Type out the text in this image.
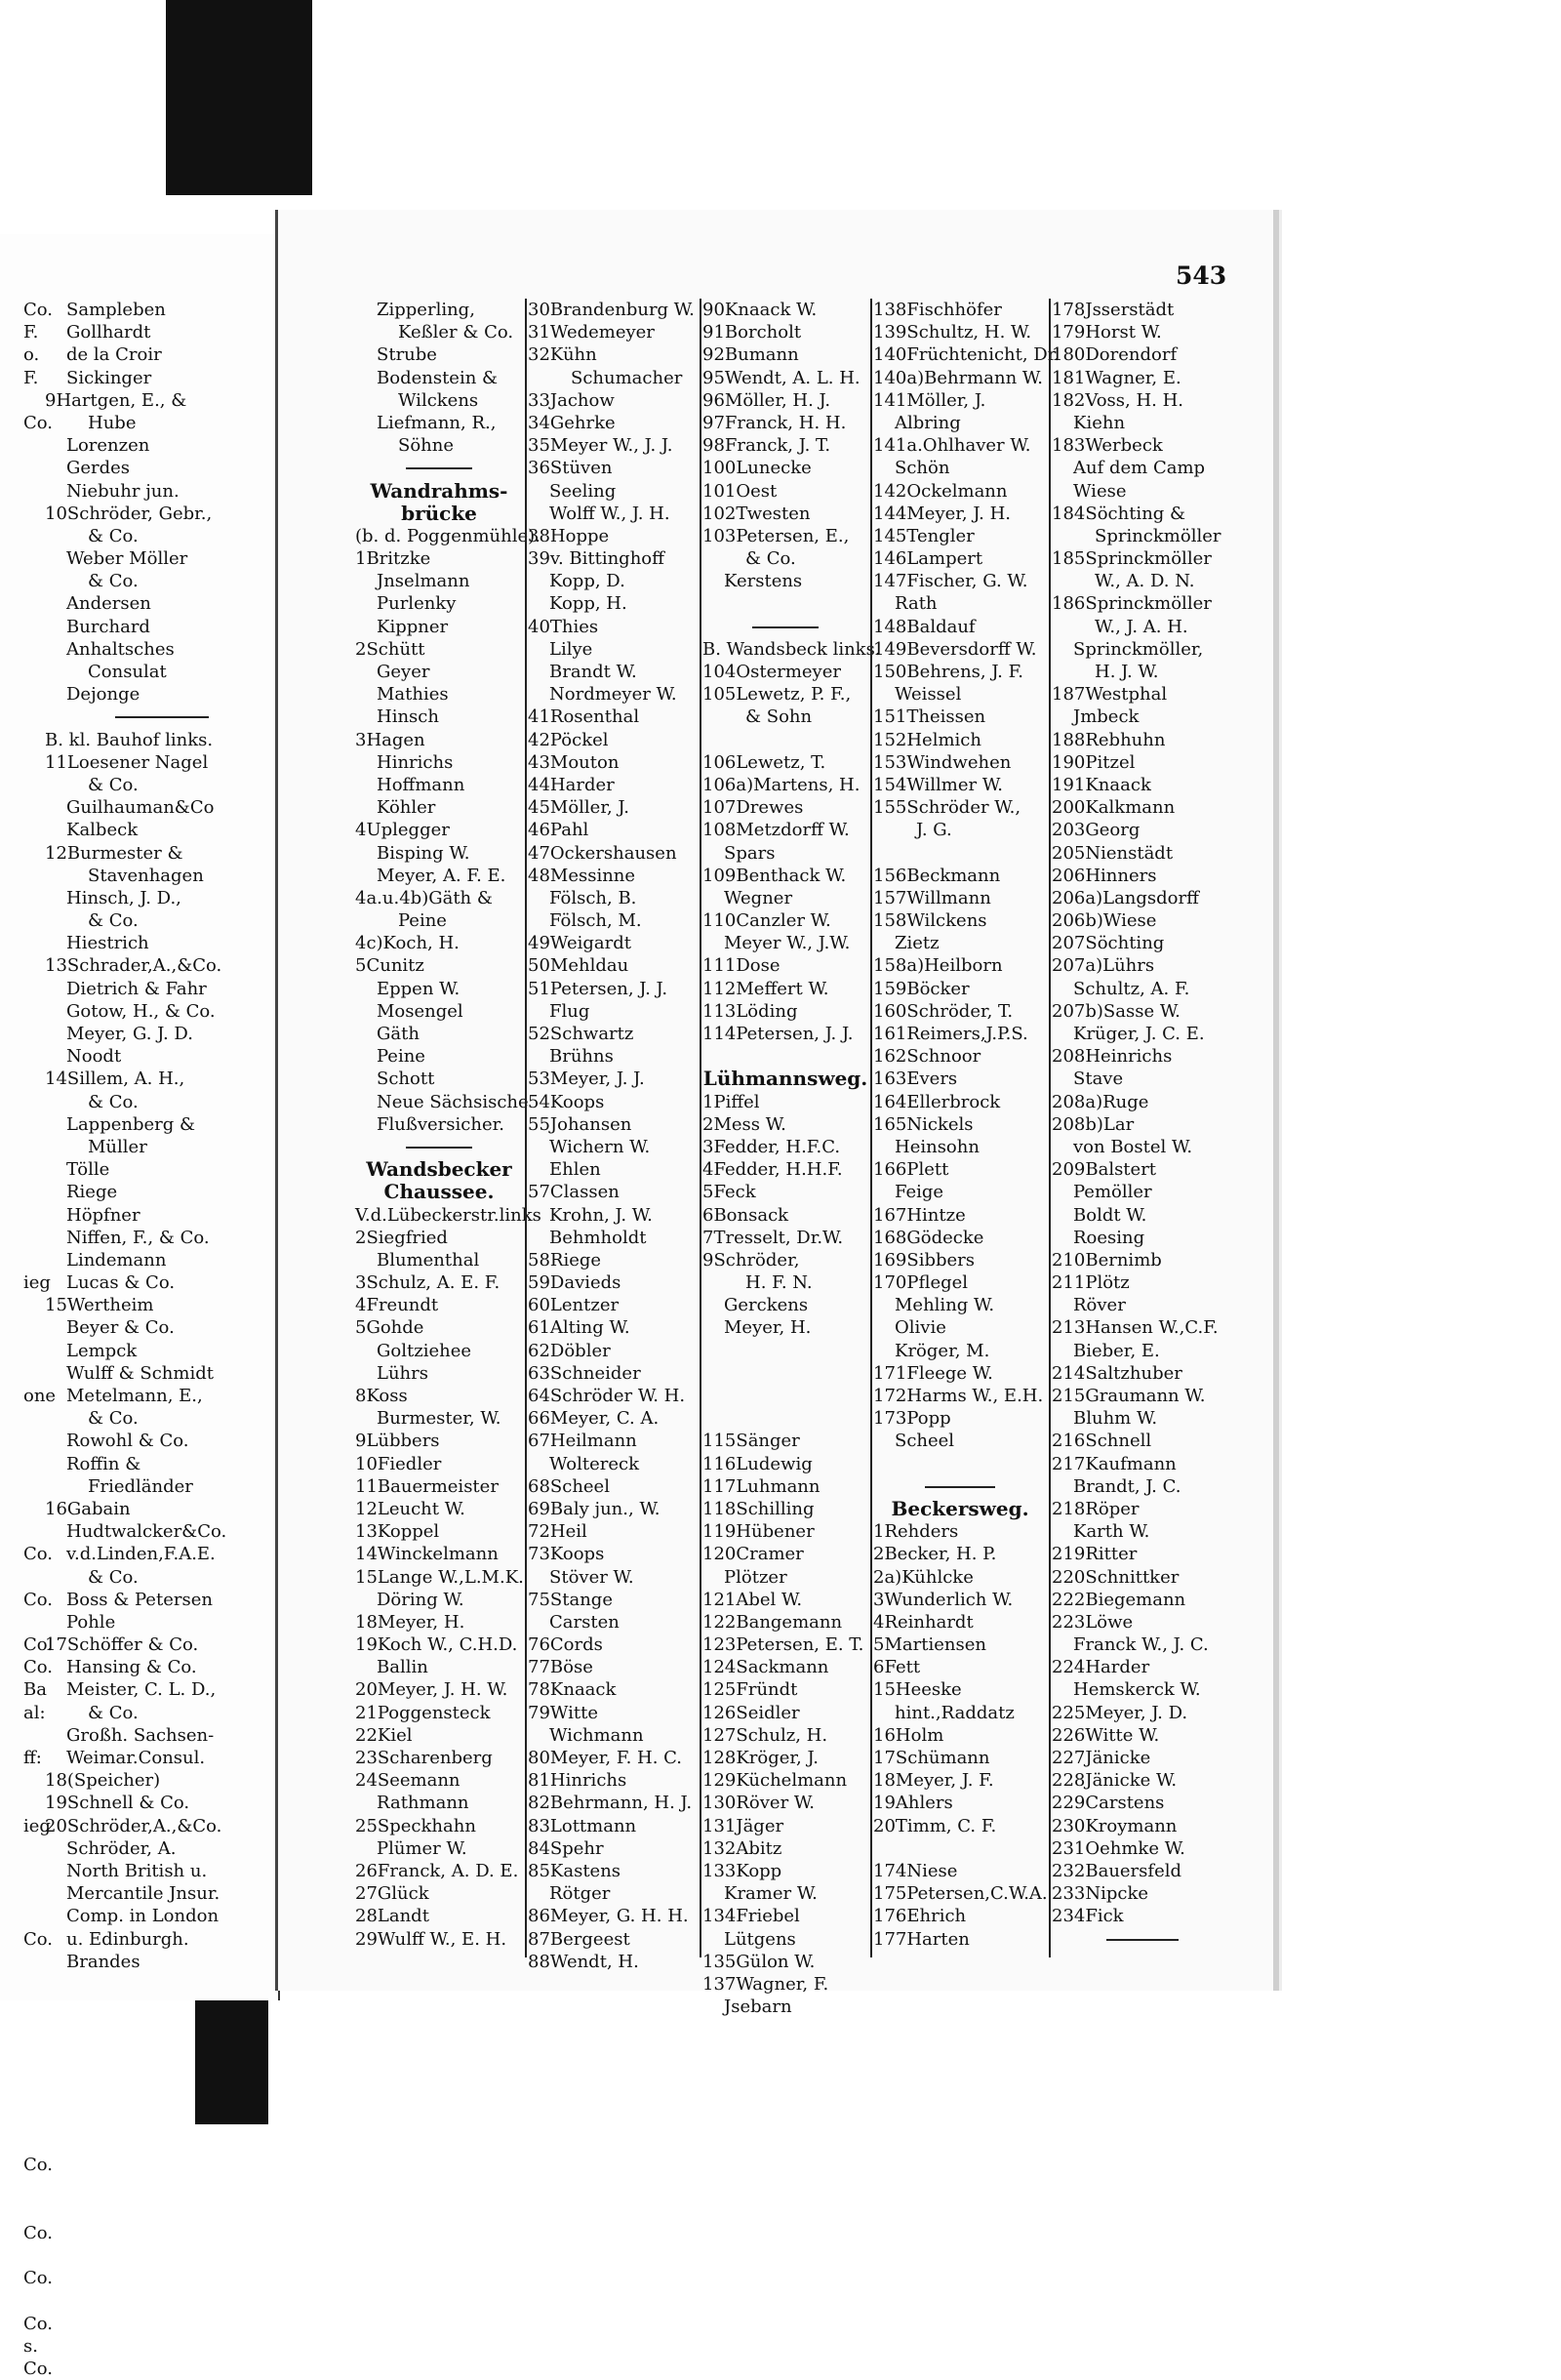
Co.
F.
o.
F.
Co.
ieg
one
Co.
Co.
Co.
Co.
Ba
al:
ff:
ieg
Co.
Co.
Co.
Co.
Co.
s.
Co.
Sampleben
Gollhardt
de la Croir
Sickinger
9Hartgen, E., &
Hube
Lorenzen
Gerdes
Niebuhr jun.
10Schröder, Gebr.,
& Co.
Weber Möller
& Co.
Andersen
Burchard
Anhaltsches
Consulat
Dejonge
B. kl. Bauhof links.
11Loesener Nagel
& Co.
Guilhauman&Co
Kalbeck
12Burmester &
Stavenhagen
Hinsch, J. D.,
& Co.
Hiestrich
13Schrader,A.,&Co.
Dietrich & Fahr
Gotow, H., & Co.
Meyer, G. J. D.
Noodt
14Sillem, A. H.,
& Co.
Lappenberg &
Müller
Tölle
Riege
Höpfner
Niffen, F., & Co.
Lindemann
Lucas & Co.
15Wertheim
Beyer & Co.
Lempck
Wulff & Schmidt
Metelmann, E.,
& Co.
Rowohl & Co.
Roffin &
Friedländer
16Gabain
Hudtwalcker&Co.
v.d.Linden,F.A.E.
& Co.
Boss & Petersen
Pohle
17Schöffer & Co.
Hansing & Co.
Meister, C. L. D.,
& Co.
Großh. Sachsen-
Weimar.Consul.
18(Speicher)
19Schnell & Co.
20Schröder,A.,&Co.
Schröder, A.
North British u.
Mercantile Jnsur.
Comp. in London
u. Edinburgh.
Brandes
543
Zipperling,
Keßler & Co.
Strube
Bodenstein &
Wilckens
Liefmann, R.,
Söhne
Wandrahms-
brücke
(b. d. Poggenmühle).
1Britzke
Jnselmann
Purlenky
Kippner
2Schütt
Geyer
Mathies
Hinsch
3Hagen
Hinrichs
Hoffmann
Köhler
4Uplegger
Bisping W.
Meyer, A. F. E.
4a.u.4b)Gäth &
Peine
4c)Koch, H.
5Cunitz
Eppen W.
Mosengel
Gäth
Peine
Schott
Neue Sächsische
Flußversicher.
Wandsbecker
Chaussee.
V.d.Lübeckerstr.links
2Siegfried
Blumenthal
3Schulz, A. E. F.
4Freundt
5Gohde
Goltziehee
Lührs
8Koss
Burmester, W.
9Lübbers
10Fiedler
11Bauermeister
12Leucht W.
13Koppel
14Winckelmann
15Lange W.,L.M.K.
Döring W.
18Meyer, H.
19Koch W., C.H.D.
Ballin
20Meyer, J. H. W.
21Poggensteck
22Kiel
23Scharenberg
24Seemann
Rathmann
25Speckhahn
Plümer W.
26Franck, A. D. E.
27Glück
28Landt
29Wulff W., E. H.
30Brandenburg W.
31Wedemeyer
32Kühn
Schumacher
33Jachow
34Gehrke
35Meyer W., J. J.
36Stüven
Seeling
Wolff W., J. H.
38Hoppe
39v. Bittinghoff
Kopp, D.
Kopp, H.
40Thies
Lilye
Brandt W.
Nordmeyer W.
41Rosenthal
42Pöckel
43Mouton
44Harder
45Möller, J.
46Pahl
47Ockershausen
48Messinne
Fölsch, B.
Fölsch, M.
49Weigardt
50Mehldau
51Petersen, J. J.
Flug
52Schwartz
Brühns
53Meyer, J. J.
54Koops
55Johansen
Wichern W.
Ehlen
57Classen
Krohn, J. W.
Behmholdt
58Riege
59Davieds
60Lentzer
61Alting W.
62Döbler
63Schneider
64Schröder W. H.
66Meyer, C. A.
67Heilmann
Woltereck
68Scheel
69Baly jun., W.
72Heil
73Koops
Stöver W.
75Stange
Carsten
76Cords
77Böse
78Knaack
79Witte
Wichmann
80Meyer, F. H. C.
81Hinrichs
82Behrmann, H. J.
83Lottmann
84Spehr
85Kastens
Rötger
86Meyer, G. H. H.
87Bergeest
88Wendt, H.
90Knaack W.
91Borcholt
92Bumann
95Wendt, A. L. H.
96Möller, H. J.
97Franck, H. H.
98Franck, J. T.
100Lunecke
101Oest
102Twesten
103Petersen, E.,
& Co.
Kerstens
B. Wandsbeck links.
104Ostermeyer
105Lewetz, P. F.,
& Sohn
106Lewetz, T.
106a)Martens, H.
107Drewes
108Metzdorff W.
Spars
109Benthack W.
Wegner
110Canzler W.
Meyer W., J.W.
111Dose
112Meffert W.
113Löding
114Petersen, J. J.
Lühmannsweg.
1Piffel
2Mess W.
3Fedder, H.F.C.
4Fedder, H.H.F.
5Feck
6Bonsack
7Tresselt, Dr.W.
9Schröder,
H. F. N.
Gerckens
Meyer, H.
115Sänger
116Ludewig
117Luhmann
118Schilling
119Hübener
120Cramer
Plötzer
121Abel W.
122Bangemann
123Petersen, E. T.
124Sackmann
125Fründt
126Seidler
127Schulz, H.
128Kröger, J.
129Küchelmann
130Röver W.
131Jäger
132Abitz
133Kopp
Kramer W.
134Friebel
Lütgens
135Gülon W.
137Wagner, F.
Jsebarn
138Fischhöfer
139Schultz, H. W.
140Früchtenicht, Dr.
140a)Behrmann W.
141Möller, J.
Albring
141a.Ohlhaver W.
Schön
142Ockelmann
144Meyer, J. H.
145Tengler
146Lampert
147Fischer, G. W.
Rath
148Baldauf
149Beversdorff W.
150Behrens, J. F.
Weissel
151Theissen
152Helmich
153Windwehen
154Willmer W.
155Schröder W.,
J. G.
156Beckmann
157Willmann
158Wilckens
Zietz
158a)Heilborn
159Böcker
160Schröder, T.
161Reimers,J.P.S.
162Schnoor
163Evers
164Ellerbrock
165Nickels
Heinsohn
166Plett
Feige
167Hintze
168Gödecke
169Sibbers
170Pflegel
Mehling W.
Olivie
Kröger, M.
171Fleege W.
172Harms W., E.H.
173Popp
Scheel
Beckersweg.
1Rehders
2Becker, H. P.
2a)Kühlcke
3Wunderlich W.
4Reinhardt
5Martiensen
6Fett
15Heeske
hint.,Raddatz
16Holm
17Schümann
18Meyer, J. F.
19Ahlers
20Timm, C. F.
174Niese
175Petersen,C.W.A.
176Ehrich
177Harten
178Jsserstädt
179Horst W.
180Dorendorf
181Wagner, E.
182Voss, H. H.
Kiehn
183Werbeck
Auf dem Camp
Wiese
184Söchting &
Sprinckmöller
185Sprinckmöller
W., A. D. N.
186Sprinckmöller
W., J. A. H.
Sprinckmöller,
H. J. W.
187Westphal
Jmbeck
188Rebhuhn
190Pitzel
191Knaack
200Kalkmann
203Georg
205Nienstädt
206Hinners
206a)Langsdorff
206b)Wiese
207Söchting
207a)Lührs
Schultz, A. F.
207b)Sasse W.
Krüger, J. C. E.
208Heinrichs
Stave
208a)Ruge
208b)Lar
von Bostel W.
209Balstert
Pemöller
Boldt W.
Roesing
210Bernimb
211Plötz
Röver
213Hansen W.,C.F.
Bieber, E.
214Saltzhuber
215Graumann W.
Bluhm W.
216Schnell
217Kaufmann
Brandt, J. C.
218Röper
Karth W.
219Ritter
220Schnittker
222Biegemann
223Löwe
Franck W., J. C.
224Harder
Hemskerck W.
225Meyer, J. D.
226Witte W.
227Jänicke
228Jänicke W.
229Carstens
230Kroymann
231Oehmke W.
232Bauersfeld
233Nipcke
234Fick
